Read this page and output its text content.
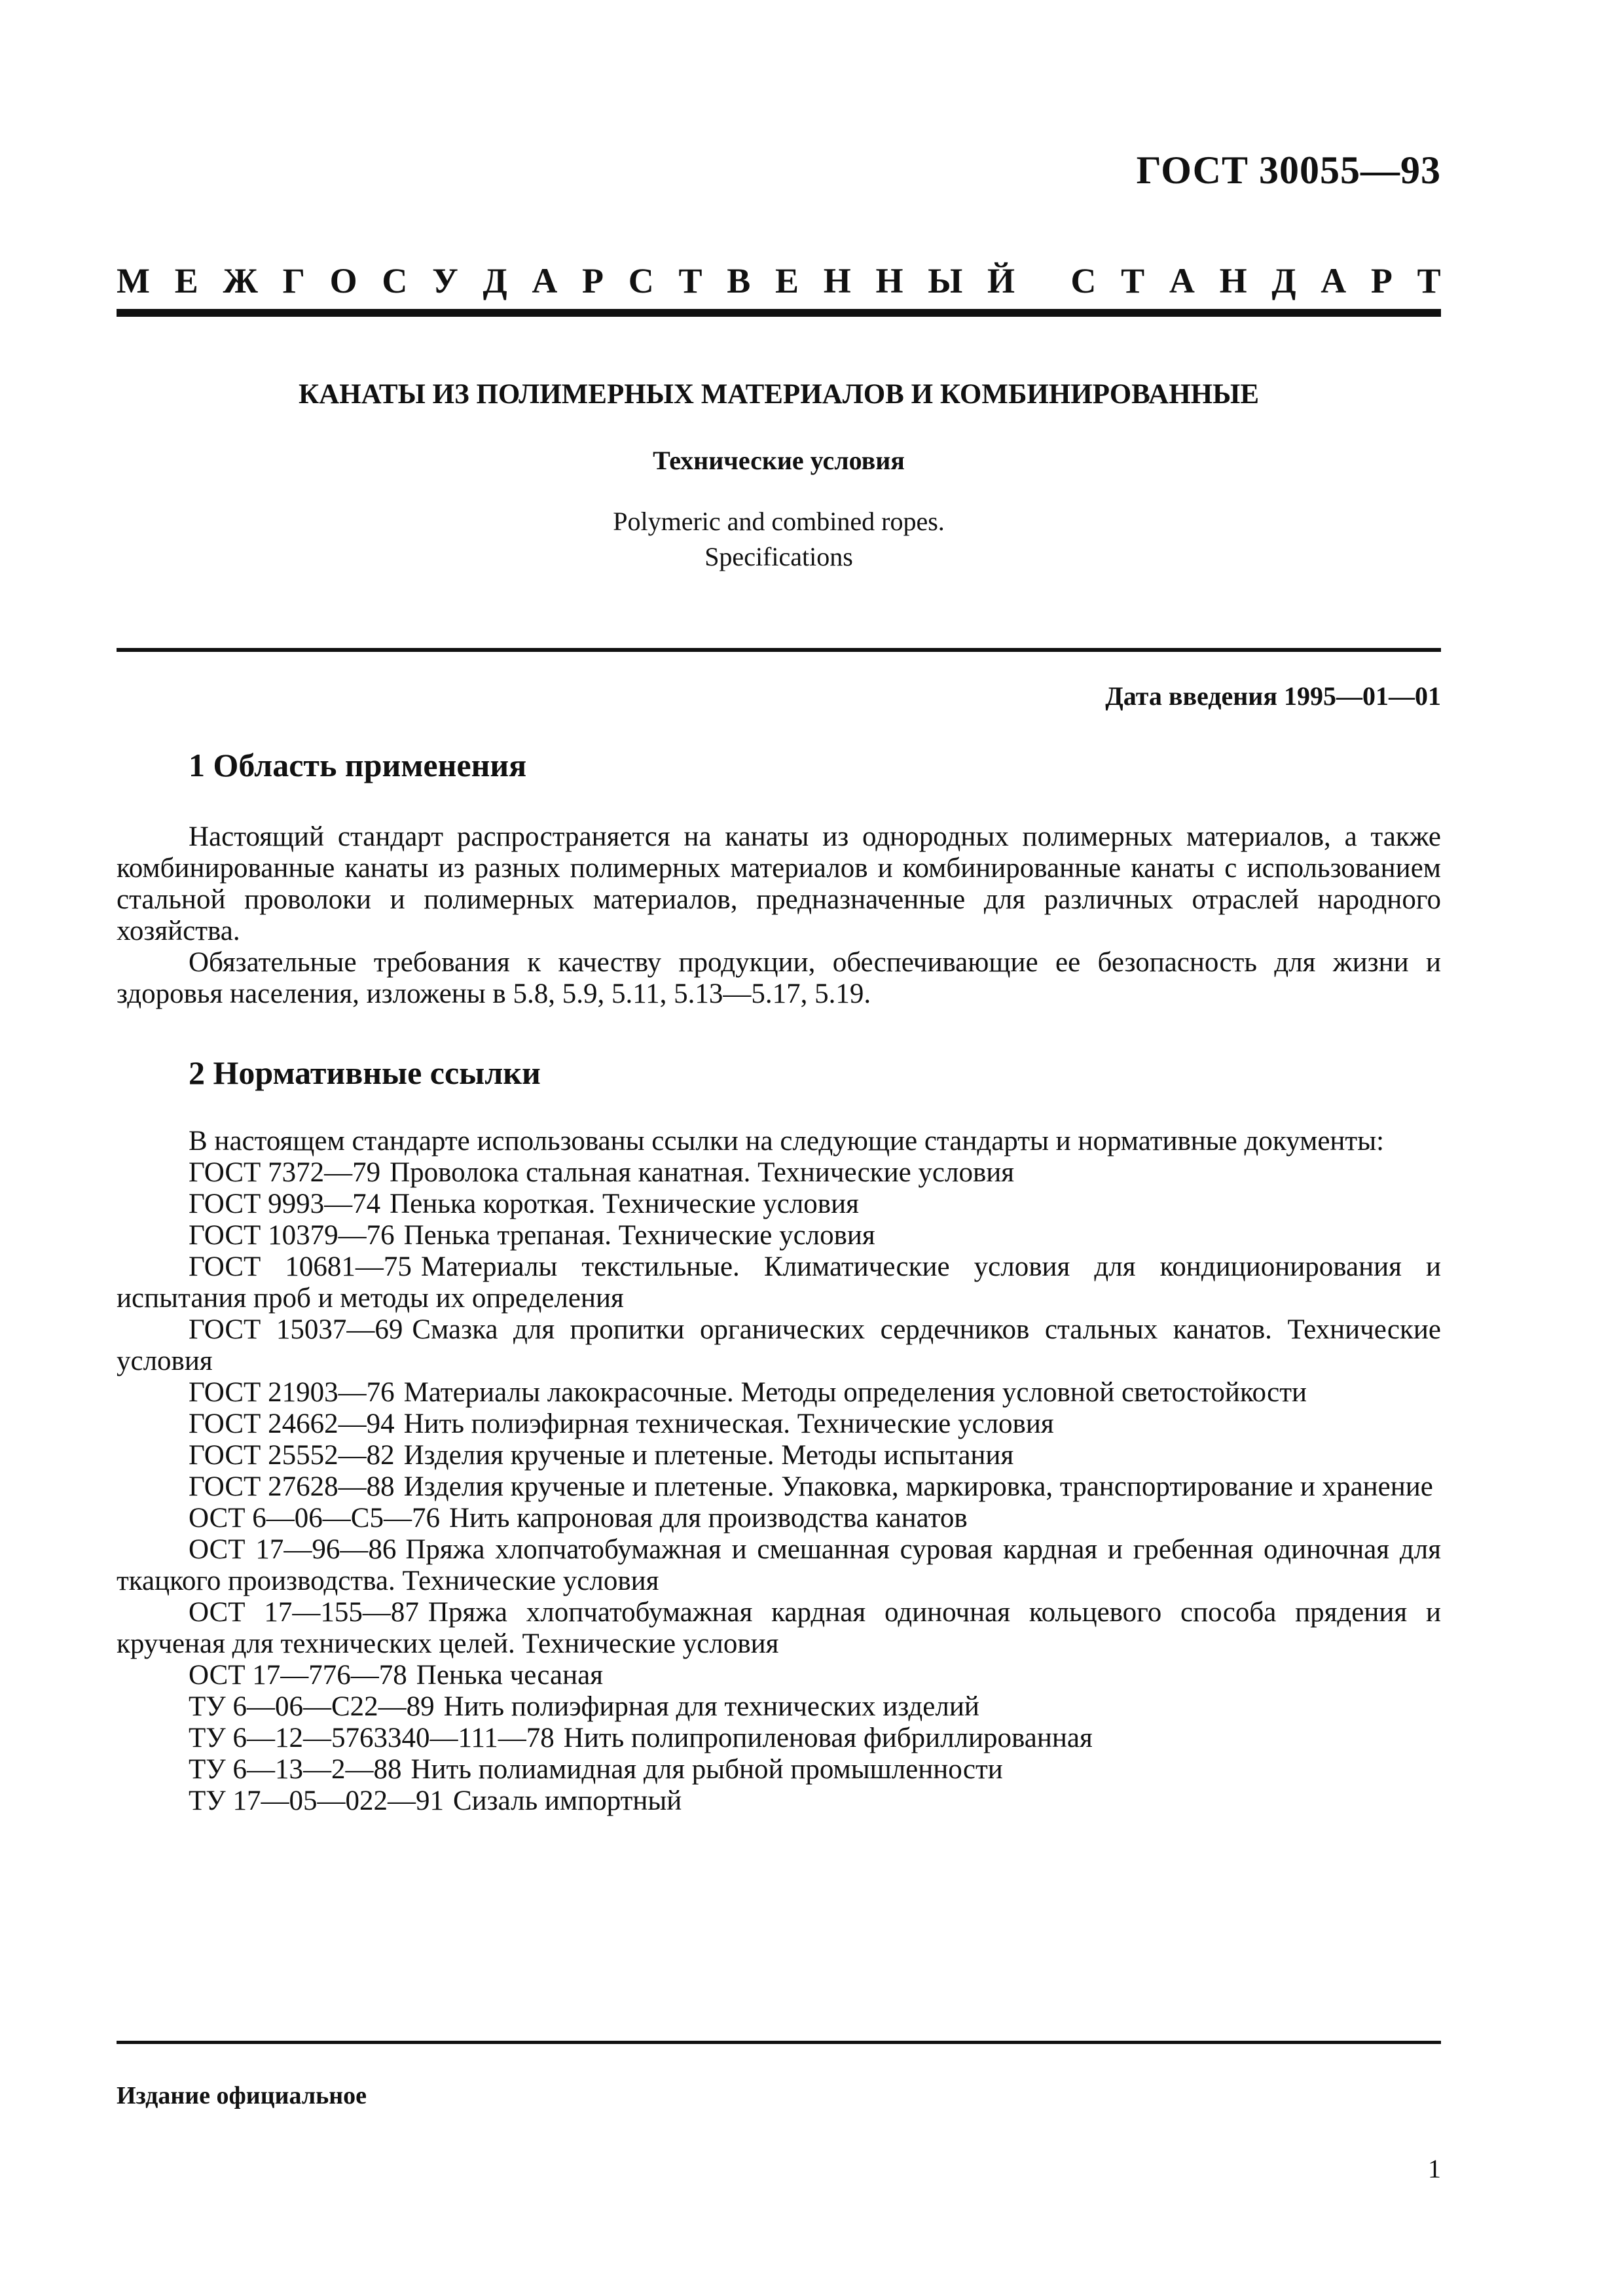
ГОСТ 30055—93
М Е Ж Г О С У Д А Р С Т В Е Н Н Ы Й С Т А Н Д А Р Т
КАНАТЫ ИЗ ПОЛИМЕРНЫХ МАТЕРИАЛОВ И КОМБИНИРОВАННЫЕ
Технические условия
Polymeric and combined ropes.
Specifications
Дата введения 1995—01—01
1 Область применения

Настоящий стандарт распространяется на канаты из однородных полимерных материалов, а также комбинированные канаты из разных полимерных материалов и комбинированные канаты с использованием стальной проволоки и полимерных материалов, предназначенные для различных отраслей народного хозяйства.

Обязательные требования к качеству продукции, обеспечивающие ее безопасность для жизни и здоровья населения, изложены в 5.8, 5.9, 5.11, 5.13—5.17, 5.19.

2 Нормативные ссылки

В настоящем стандарте использованы ссылки на следующие стандарты и нормативные документы:

ГОСТ 7372—79 Проволока стальная канатная. Технические условия

ГОСТ 9993—74 Пенька короткая. Технические условия

ГОСТ 10379—76 Пенька трепаная. Технические условия

ГОСТ 10681—75 Материалы текстильные. Климатические условия для кондиционирования и испытания проб и методы их определения

ГОСТ 15037—69 Смазка для пропитки органических сердечников стальных канатов. Технические условия

ГОСТ 21903—76 Материалы лакокрасочные. Методы определения условной светостойкости

ГОСТ 24662—94 Нить полиэфирная техническая. Технические условия

ГОСТ 25552—82 Изделия крученые и плетеные. Методы испытания

ГОСТ 27628—88 Изделия крученые и плетеные. Упаковка, маркировка, транспортирование и хранение

ОСТ 6—06—С5—76 Нить капроновая для производства канатов

ОСТ 17—96—86 Пряжа хлопчатобумажная и смешанная суровая кардная и гребенная одиночная для ткацкого производства. Технические условия

ОСТ 17—155—87 Пряжа хлопчатобумажная кардная одиночная кольцевого способа прядения и крученая для технических целей. Технические условия

ОСТ 17—776—78 Пенька чесаная

ТУ 6—06—С22—89 Нить полиэфирная для технических изделий

ТУ 6—12—5763340—111—78 Нить полипропиленовая фибриллированная

ТУ 6—13—2—88 Нить полиамидная для рыбной промышленности

ТУ 17—05—022—91 Сизаль импортный

Издание официальное
1
